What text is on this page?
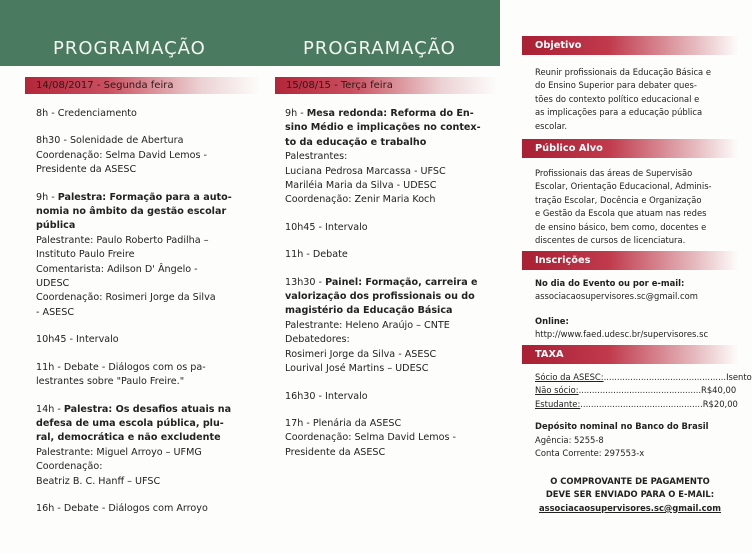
PROGRAMAÇÃO	PROGRAMAÇÃO
14/08/2017 - Segunda feira	15/08/15 - Terça feira

8h - Credenciamento

8h30 - Solenidade de Abertura
Coordenação: Selma David Lemos -
Presidente da ASESC

9h - Palestra: Formação para a auto-
nomia no âmbito da gestão escolar
pública
Palestrante: Paulo Roberto Padilha –
Instituto Paulo Freire
Comentarista: Adilson D' Ângelo -
UDESC
Coordenação: Rosimeri Jorge da Silva
- ASESC

10h45 - Intervalo

11h - Debate - Diálogos com os pa-
lestrantes sobre "Paulo Freire."

14h - Palestra: Os desafios atuais na
defesa de uma escola pública, plu-
ral, democrática e não excludente
Palestrante: Miguel Arroyo – UFMG
Coordenação:
Beatriz B. C. Hanff – UFSC

16h - Debate - Diálogos com Arroyo

9h - Mesa redonda: Reforma do En-
sino Médio e implicações no contex-
to da educação e trabalho
Palestrantes:
Luciana Pedrosa Marcassa - UFSC
Mariléia Maria da Silva - UDESC
Coordenação: Zenir Maria Koch

10h45 - Intervalo

11h - Debate

13h30 - Painel: Formação, carreira e
valorização dos profissionais ou do
magistério da Educação Básica
Palestrante: Heleno Araújo – CNTE
Debatedores:
Rosimeri Jorge da Silva - ASESC
Lourival José Martins – UDESC

16h30 - Intervalo

17h - Plenária da ASESC
Coordenação: Selma David Lemos -
Presidente da ASESC

Objetivo
Reunir profissionais da Educação Básica e
do Ensino Superior para debater ques-
tões do contexto político educacional e
as implicações para a educação pública
escolar.
Público Alvo
Profissionais das áreas de Supervisão
Escolar, Orientação Educacional, Adminis-
tração Escolar, Docência e Organização
e Gestão da Escola que atuam nas redes
de ensino básico, bem como, docentes e
discentes de cursos de licenciatura.
Inscrições
No dia do Evento ou por e-mail:
associacaosupervisores.sc@gmail.com
Online:
http://www.faed.udesc.br/supervisores.sc
TAXA
Sócio da ASESC: .............................................. Isento
Não sócio: .............................................. R$40,00
Estudante: .............................................. R$20,00
Depósito nominal no Banco do Brasil
Agência: 5255-8
Conta Corrente: 297553-x
O COMPROVANTE DE PAGAMENTO
DEVE SER ENVIADO PARA O E-MAIL:
associacaosupervisores.sc@gmail.com
